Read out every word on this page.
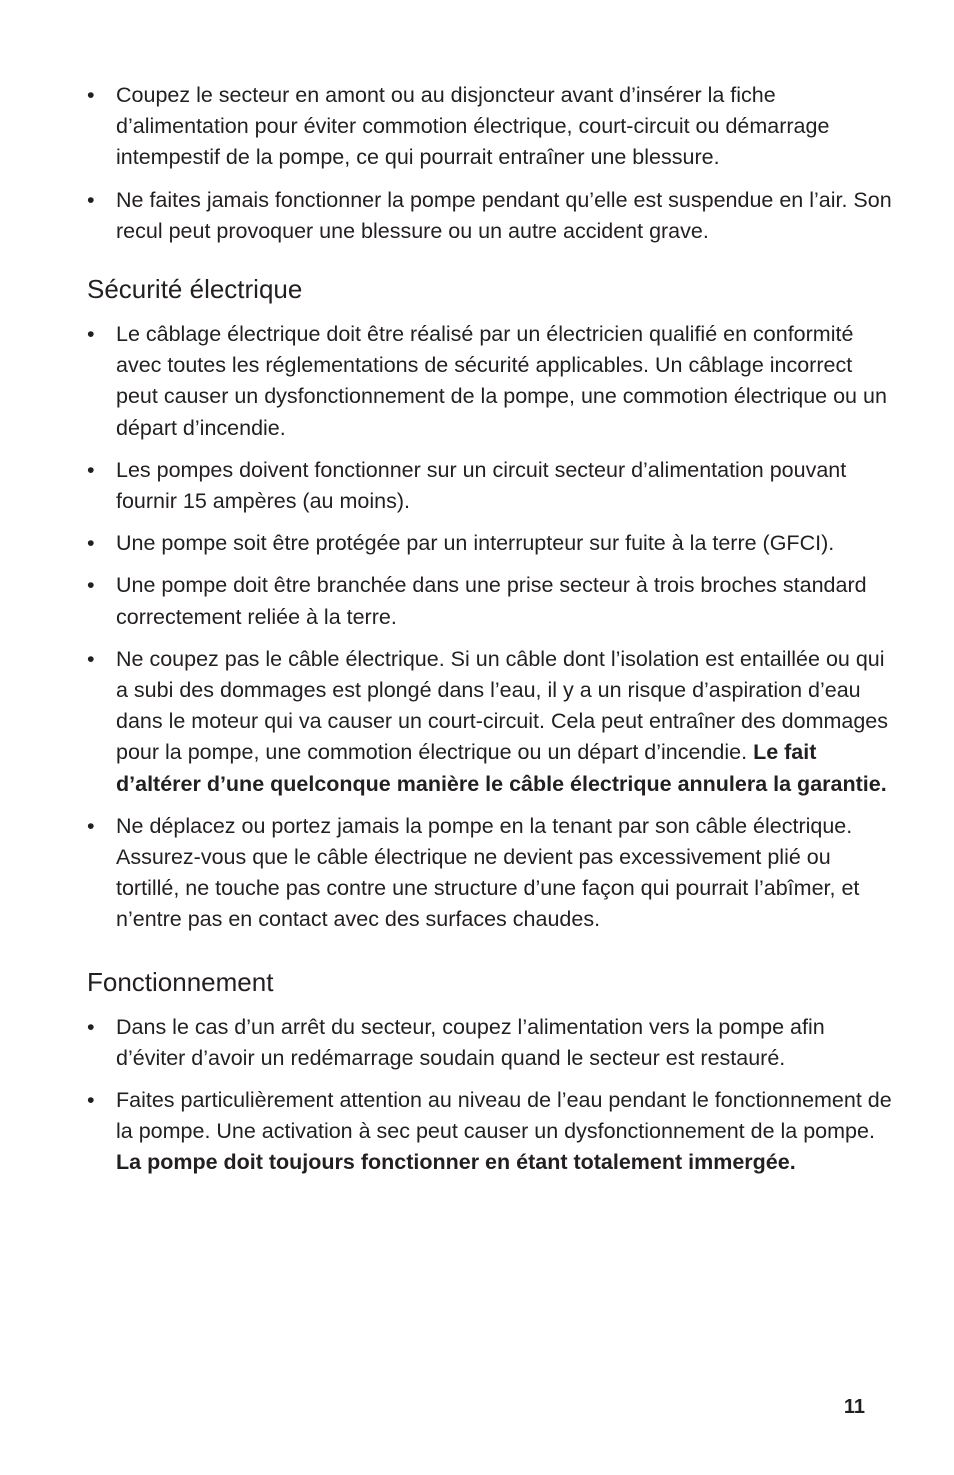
• Coupez le secteur en amont ou au disjoncteur avant d’insérer la fiche d’alimentation pour éviter commotion électrique, court-circuit ou démarrage intempestif de la pompe, ce qui pourrait entraîner une blessure.
• Ne faites jamais fonctionner la pompe pendant qu’elle est suspendue en l’air. Son recul peut provoquer une blessure ou un autre accident grave.
Sécurité électrique
• Le câblage électrique doit être réalisé par un électricien qualifié en conformité avec toutes les réglementations de sécurité applicables. Un câblage incorrect peut causer un dysfonctionnement de la pompe, une commotion électrique ou un départ d’incendie.
• Les pompes doivent fonctionner sur un circuit secteur d’alimentation pouvant fournir 15 ampères (au moins).
• Une pompe soit être protégée par un interrupteur sur fuite à la terre (GFCI).
• Une pompe doit être branchée dans une prise secteur à trois broches standard correctement reliée à la terre.
• Ne coupez pas le câble électrique. Si un câble dont l’isolation est entaillée ou qui a subi des dommages est plongé dans l’eau, il y a un risque d’aspiration d’eau dans le moteur qui va causer un court-circuit. Cela peut entraîner des dommages pour la pompe, une commotion électrique ou un départ d’incendie. Le fait d’altérer d’une quelconque manière le câble électrique annulera la garantie.
• Ne déplacez ou portez jamais la pompe en la tenant par son câble électrique. Assurez-vous que le câble électrique ne devient pas excessivement plié ou tortillé, ne touche pas contre une structure d’une façon qui pourrait l’abîmer, et n’entre pas en contact avec des surfaces chaudes.
Fonctionnement
• Dans le cas d’un arrêt du secteur, coupez l’alimentation vers la pompe afin d’éviter d’avoir un redémarrage soudain quand le secteur est restauré.
• Faites particulièrement attention au niveau de l’eau pendant le fonctionnement de la pompe. Une activation à sec peut causer un dysfonctionnement de la pompe. La pompe doit toujours fonctionner en étant totalement immergée.
11
